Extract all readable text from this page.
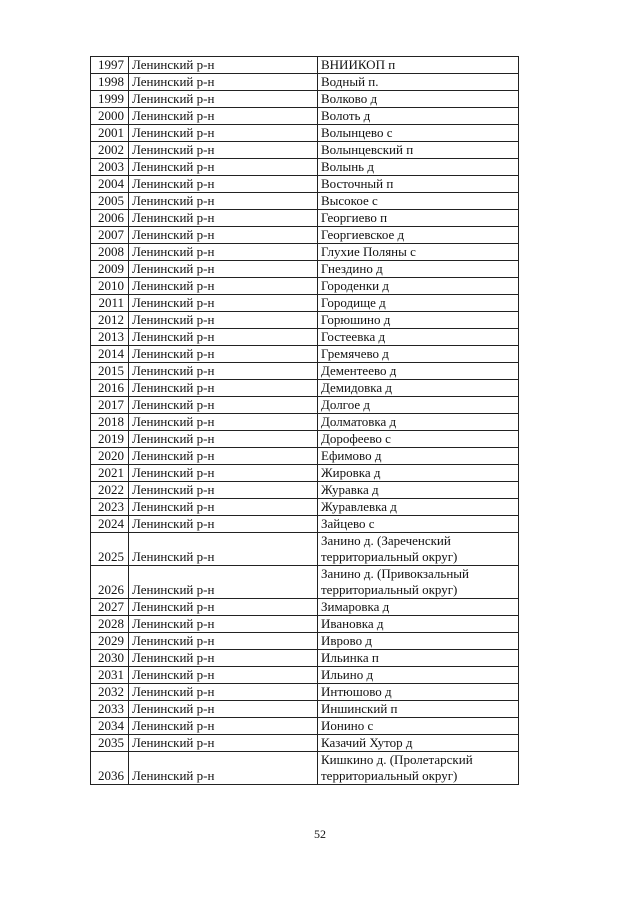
1997	Ленинский р-н	ВНИИКОП п
1998	Ленинский р-н	Водный п.
1999	Ленинский р-н	Волково д
2000	Ленинский р-н	Волоть д
2001	Ленинский р-н	Волынцево с
2002	Ленинский р-н	Волынцевский п
2003	Ленинский р-н	Волынь д
2004	Ленинский р-н	Восточный п
2005	Ленинский р-н	Высокое с
2006	Ленинский р-н	Георгиево п
2007	Ленинский р-н	Георгиевское д
2008	Ленинский р-н	Глухие Поляны с
2009	Ленинский р-н	Гнездино д
2010	Ленинский р-н	Городенки д
2011	Ленинский р-н	Городище д
2012	Ленинский р-н	Горюшино д
2013	Ленинский р-н	Гостеевка д
2014	Ленинский р-н	Гремячево д
2015	Ленинский р-н	Дементеево д
2016	Ленинский р-н	Демидовка д
2017	Ленинский р-н	Долгое д
2018	Ленинский р-н	Долматовка д
2019	Ленинский р-н	Дорофеево с
2020	Ленинский р-н	Ефимово д
2021	Ленинский р-н	Жировка д
2022	Ленинский р-н	Журавка д
2023	Ленинский р-н	Журавлевка д
2024	Ленинский р-н	Зайцево с
2025	Ленинский р-н	Занино д. (Зареченский территориальный округ)
2026	Ленинский р-н	Занино д. (Привокзальный территориальный округ)
2027	Ленинский р-н	Зимаровка д
2028	Ленинский р-н	Ивановка д
2029	Ленинский р-н	Иврово д
2030	Ленинский р-н	Ильинка п
2031	Ленинский р-н	Ильино д
2032	Ленинский р-н	Интюшово д
2033	Ленинский р-н	Иншинский п
2034	Ленинский р-н	Ионино с
2035	Ленинский р-н	Казачий Хутор д
2036	Ленинский р-н	Кишкино д. (Пролетарский территориальный округ)
52
